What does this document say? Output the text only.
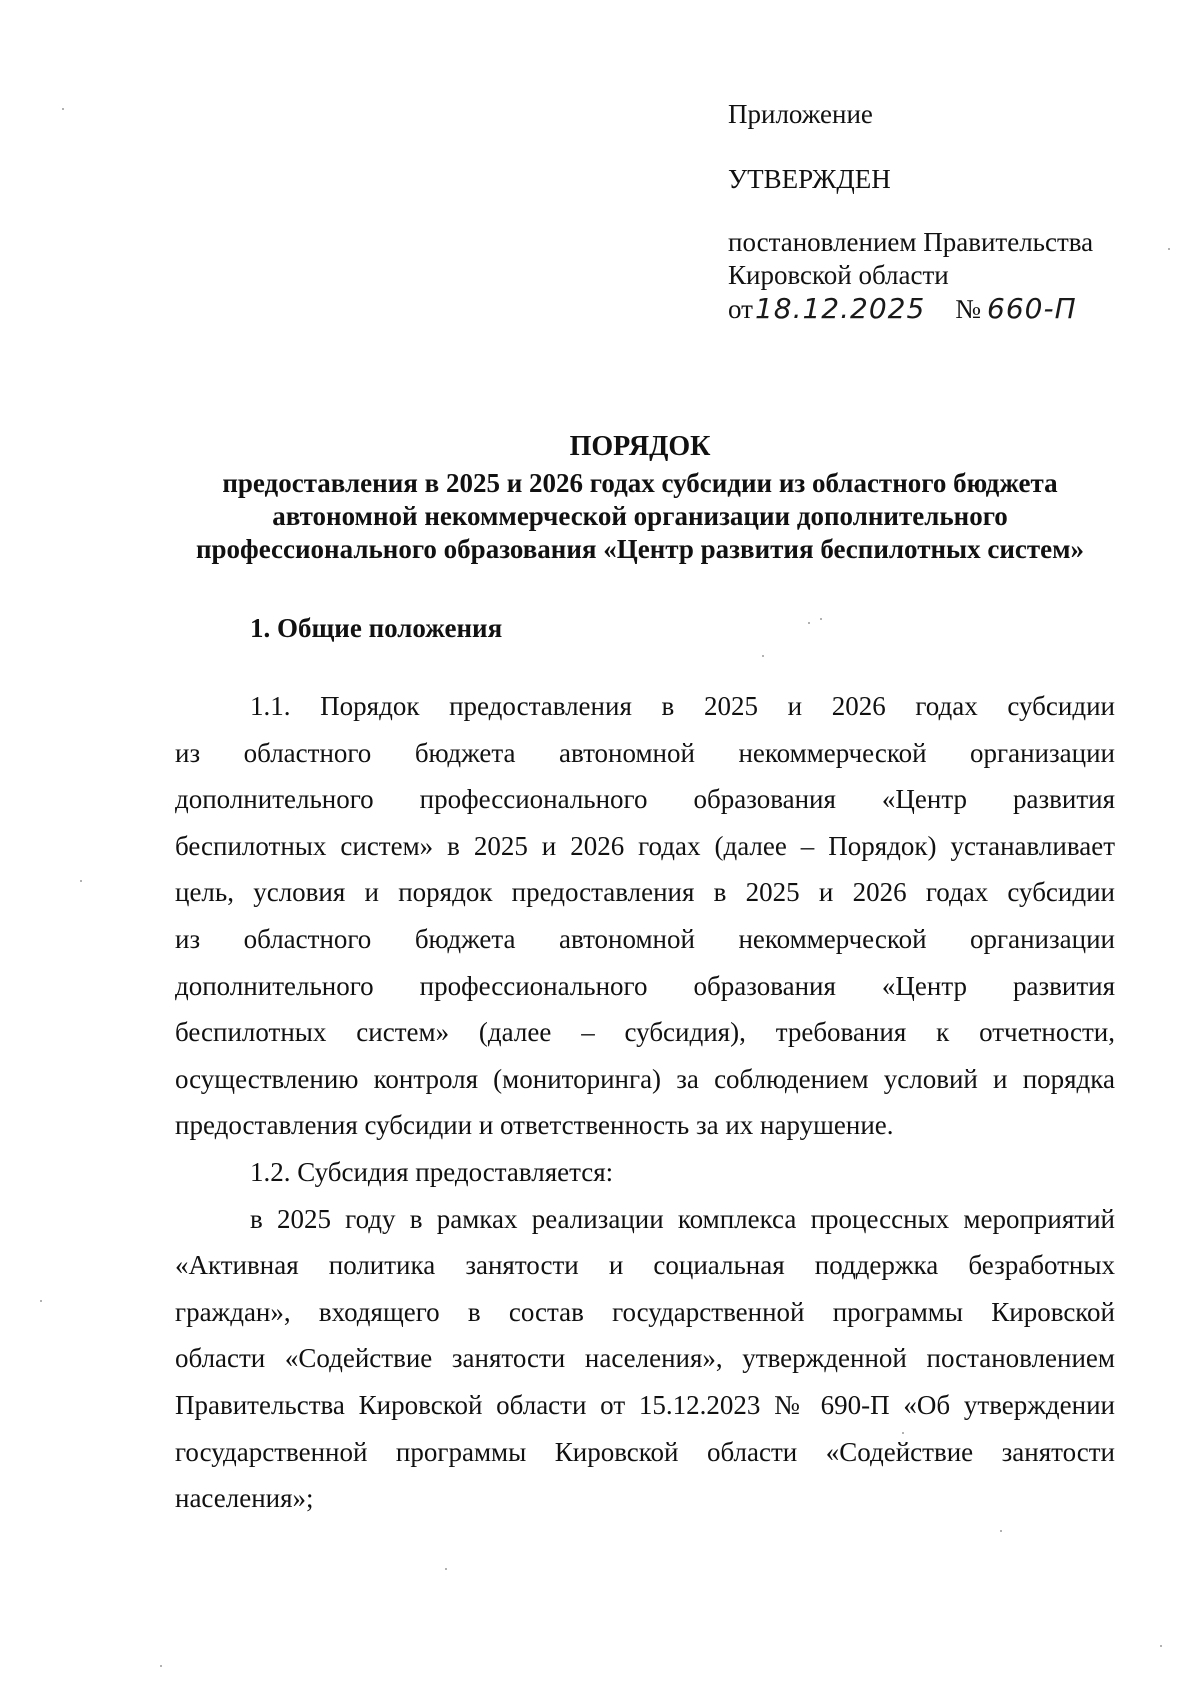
Приложение
УТВЕРЖДЕН
постановлением Правительства
Кировской области
от18.12.2025 № 660-П
ПОРЯДОК
предоставления в 2025 и 2026 годах субсидии из областного бюджета
автономной некоммерческой организации дополнительного
профессионального образования «Центр развития беспилотных систем»
1. Общие положения
1.1. Порядок предоставления в 2025 и 2026 годах субсидии
из областного бюджета автономной некоммерческой организации
дополнительного профессионального образования «Центр развития
беспилотных систем» в 2025 и 2026 годах (далее – Порядок) устанавливает
цель, условия и порядок предоставления в 2025 и 2026 годах субсидии
из областного бюджета автономной некоммерческой организации
дополнительного профессионального образования «Центр развития
беспилотных систем» (далее – субсидия), требования к отчетности,
осуществлению контроля (мониторинга) за соблюдением условий и порядка
предоставления субсидии и ответственность за их нарушение.
1.2. Субсидия предоставляется:
в 2025 году в рамках реализации комплекса процессных мероприятий
«Активная политика занятости и социальная поддержка безработных
граждан», входящего в состав государственной программы Кировской
области «Содействие занятости населения», утвержденной постановлением
Правительства Кировской области от 15.12.2023 № 690-П «Об утверждении
государственной программы Кировской области «Содействие занятости
населения»;
